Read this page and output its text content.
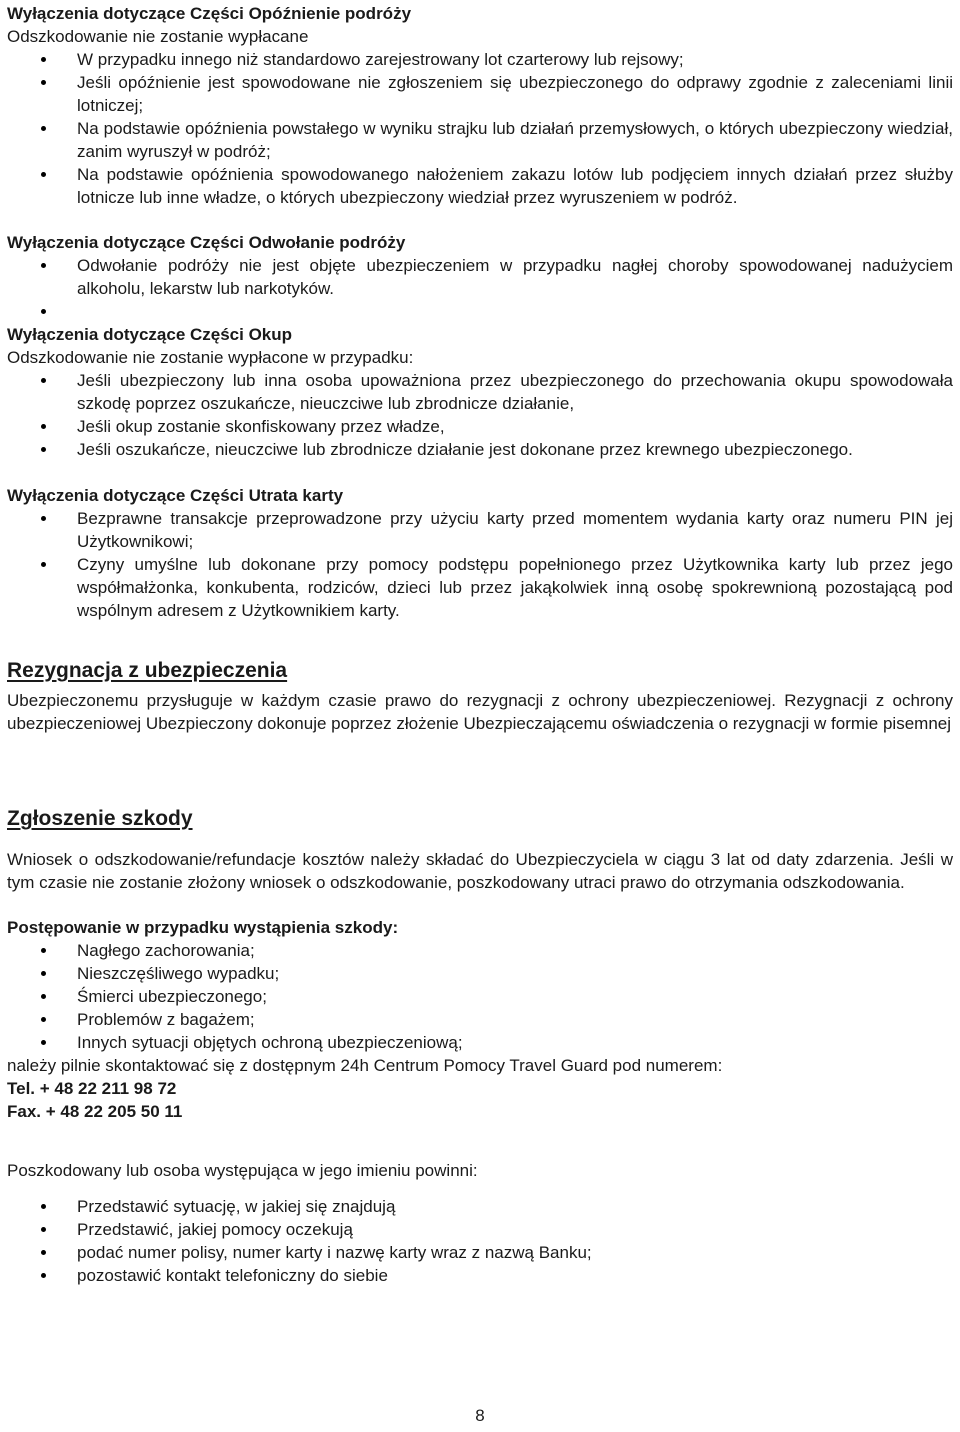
Wyłączenia dotyczące Części Opóźnienie podróży
Odszkodowanie nie zostanie wypłacane
W przypadku innego niż standardowo zarejestrowany lot czarterowy lub rejsowy;
Jeśli opóźnienie jest spowodowane nie zgłoszeniem się ubezpieczonego do odprawy zgodnie z zaleceniami linii lotniczej;
Na podstawie opóźnienia powstałego w wyniku strajku lub działań przemysłowych, o których ubezpieczony wiedział, zanim wyruszył w podróż;
Na podstawie opóźnienia spowodowanego nałożeniem zakazu lotów lub podjęciem innych działań przez służby lotnicze lub inne władze, o których ubezpieczony wiedział przez wyruszeniem w podróż.
Wyłączenia dotyczące Części Odwołanie podróży
Odwołanie podróży nie jest objęte ubezpieczeniem w przypadku nagłej choroby spowodowanej nadużyciem alkoholu, lekarstw lub narkotyków.
Wyłączenia dotyczące Części Okup
Odszkodowanie nie zostanie wypłacone w przypadku:
Jeśli ubezpieczony lub inna osoba upoważniona przez ubezpieczonego do przechowania okupu spowodowała szkodę poprzez oszukańcze, nieuczciwe lub zbrodnicze działanie,
Jeśli okup zostanie skonfiskowany przez władze,
Jeśli oszukańcze, nieuczciwe lub zbrodnicze działanie jest dokonane przez krewnego ubezpieczonego.
Wyłączenia dotyczące Części Utrata karty
Bezprawne transakcje przeprowadzone przy użyciu karty przed momentem wydania karty oraz numeru PIN jej Użytkownikowi;
Czyny umyślne lub dokonane przy pomocy podstępu popełnionego przez Użytkownika karty lub przez jego współmałżonka, konkubenta, rodziców, dzieci lub przez jakąkolwiek inną osobę spokrewnioną pozostającą pod wspólnym adresem z Użytkownikiem karty.
Rezygnacja z ubezpieczenia
Ubezpieczonemu przysługuje w każdym czasie prawo do rezygnacji z ochrony ubezpieczeniowej. Rezygnacji z ochrony ubezpieczeniowej Ubezpieczony dokonuje poprzez złożenie Ubezpieczającemu oświadczenia o rezygnacji w formie pisemnej
Zgłoszenie szkody
Wniosek o odszkodowanie/refundacje kosztów należy składać do Ubezpieczyciela w ciągu 3 lat od daty zdarzenia. Jeśli w tym czasie nie zostanie złożony wniosek o odszkodowanie, poszkodowany utraci prawo do otrzymania odszkodowania.
Postępowanie w przypadku wystąpienia szkody:
Nagłego zachorowania;
Nieszczęśliwego wypadku;
Śmierci ubezpieczonego;
Problemów z bagażem;
Innych sytuacji objętych ochroną ubezpieczeniową;
należy pilnie skontaktować się z dostępnym 24h Centrum Pomocy Travel Guard pod numerem:
Tel. + 48 22 211 98 72
Fax. + 48 22 205 50 11
Poszkodowany lub osoba występująca w jego imieniu powinni:
Przedstawić sytuację, w jakiej się znajdują
Przedstawić, jakiej pomocy oczekują
podać numer polisy, numer karty i nazwę karty wraz z nazwą Banku;
pozostawić kontakt telefoniczny do siebie
8
